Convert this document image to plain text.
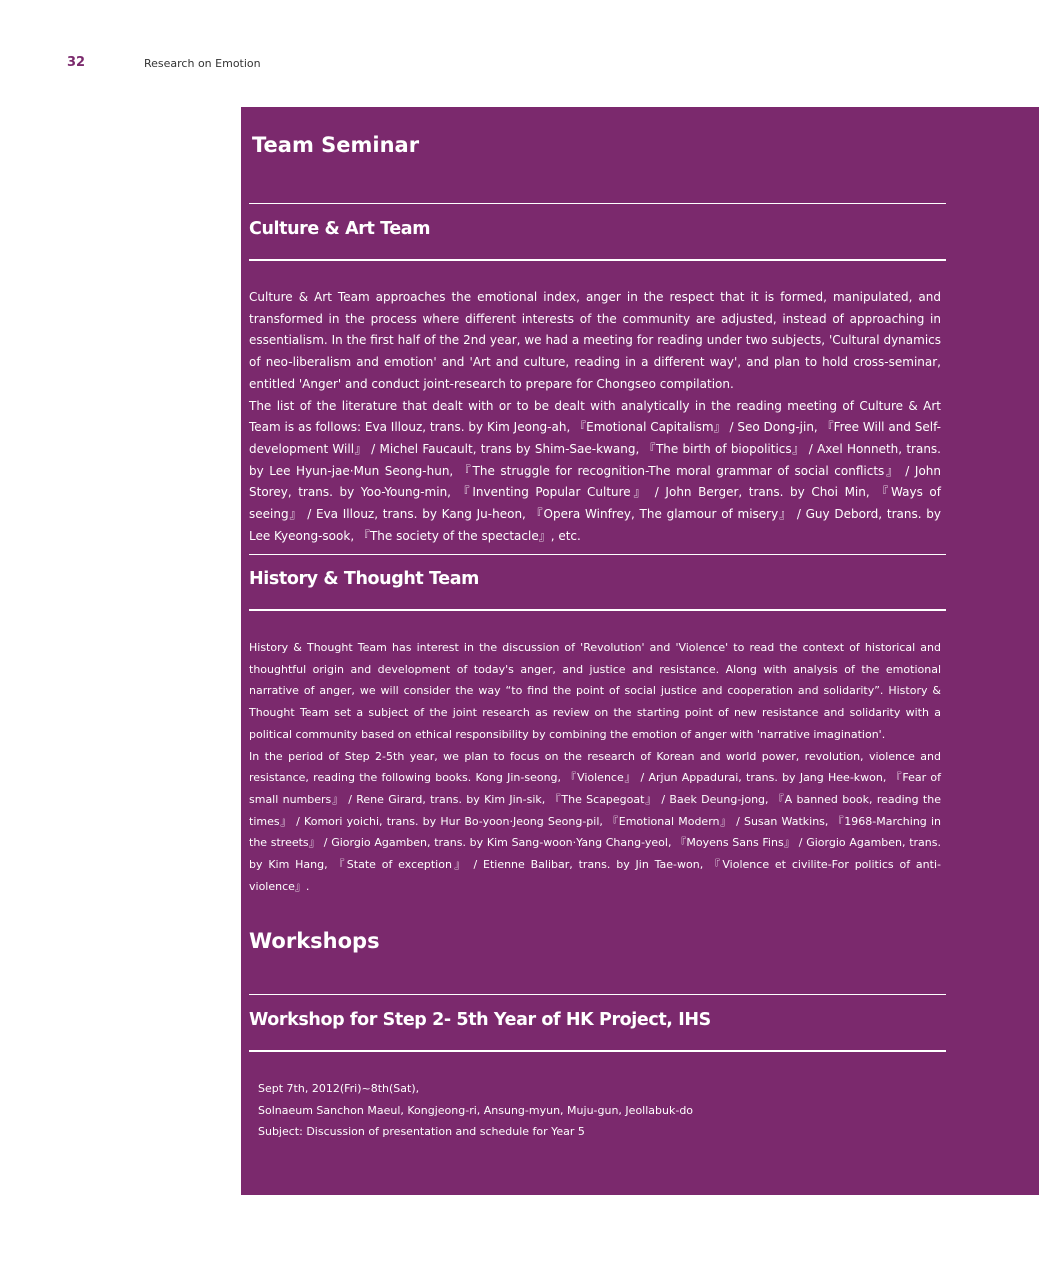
32	Research on Emotion
Team Seminar
Culture & Art Team

Culture & Art Team approaches the emotional index, anger in the respect that it is formed, manipulated, and transformed in the process where different interests of the community are adjusted, instead of approaching in essentialism. In the first half of the 2nd year, we had a meeting for reading under two subjects, 'Cultural dynamics of neo-liberalism and emotion' and 'Art and culture, reading in a different way', and plan to hold cross-seminar, entitled 'Anger' and conduct joint-research to prepare for Chongseo compilation.

The list of the literature that dealt with or to be dealt with analytically in the reading meeting of Culture & Art Team is as follows: Eva Illouz, trans. by Kim Jeong-ah, 『Emotional Capitalism』 / Seo Dong-jin, 『Free Will and Self-development Will』 / Michel Faucault, trans by Shim-Sae-kwang, 『The birth of biopolitics』 / Axel Honneth, trans. by Lee Hyun-jae·Mun Seong-hun, 『The struggle for recognition-The moral grammar of social conflicts』 / John Storey, trans. by Yoo-Young-min, 『Inventing Popular Culture』 / John Berger, trans. by Choi Min, 『Ways of seeing』 / Eva Illouz, trans. by Kang Ju-heon, 『Opera Winfrey, The glamour of misery』 / Guy Debord, trans. by Lee Kyeong-sook, 『The society of the spectacle』, etc.

History & Thought Team

History & Thought Team has interest in the discussion of 'Revolution' and 'Violence' to read the context of historical and thoughtful origin and development of today's anger, and justice and resistance. Along with analysis of the emotional narrative of anger, we will consider the way “to find the point of social justice and cooperation and solidarity”. History & Thought Team set a subject of the joint research as review on the starting point of new resistance and solidarity with a political community based on ethical responsibility by combining the emotion of anger with 'narrative imagination'.

In the period of Step 2-5th year, we plan to focus on the research of Korean and world power, revolution, violence and resistance, reading the following books. Kong Jin-seong, 『Violence』 / Arjun Appadurai, trans. by Jang Hee-kwon, 『Fear of small numbers』 / Rene Girard, trans. by Kim Jin-sik, 『The Scapegoat』 / Baek Deung-jong, 『A banned book, reading the times』 / Komori yoichi, trans. by Hur Bo-yoon·Jeong Seong-pil, 『Emotional Modern』 / Susan Watkins, 『1968-Marching in the streets』 / Giorgio Agamben, trans. by Kim Sang-woon·Yang Chang-yeol, 『Moyens Sans Fins』 / Giorgio Agamben, trans. by Kim Hang, 『State of exception』 / Etienne Balibar, trans. by Jin Tae-won, 『Violence et civilite-For politics of anti-violence』.

Workshops
Workshop for Step 2- 5th Year of HK Project, IHS
Sept 7th, 2012(Fri)~8th(Sat),
Solnaeum Sanchon Maeul, Kongjeong-ri, Ansung-myun, Muju-gun, Jeollabuk-do
Subject: Discussion of presentation and schedule for Year 5
